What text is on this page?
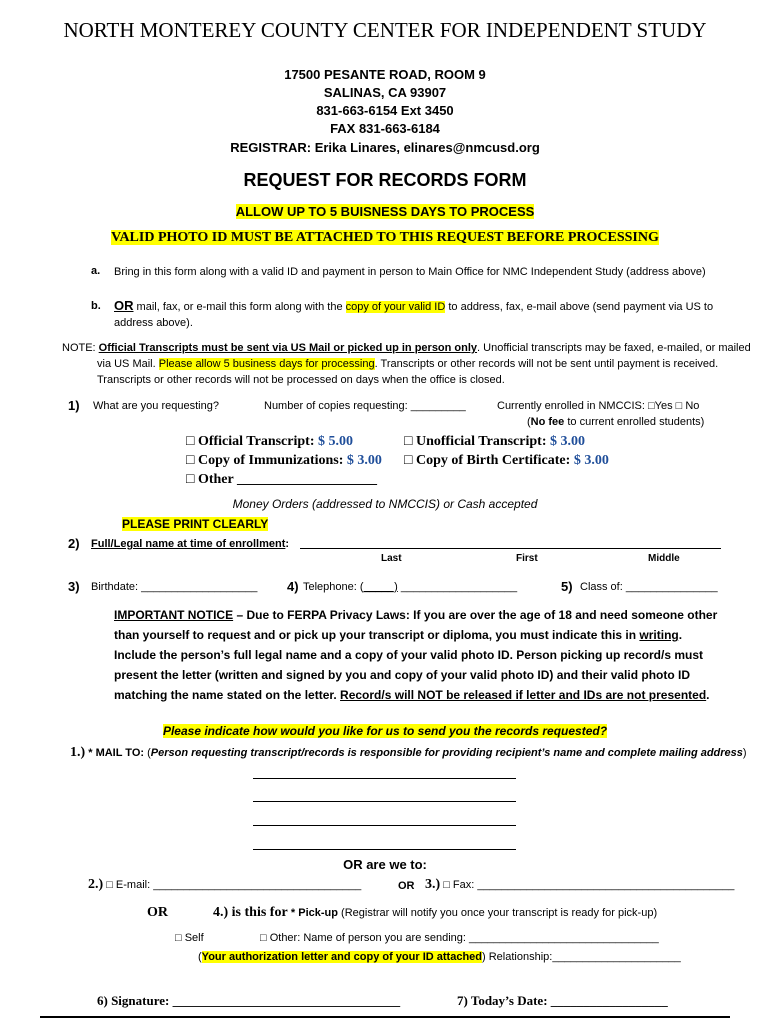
NORTH MONTEREY COUNTY CENTER FOR INDEPENDENT STUDY
17500 PESANTE ROAD, ROOM 9
SALINAS, CA 93907
831-663-6154 Ext 3450
FAX 831-663-6184
REGISTRAR: Erika Linares, elinares@nmcusd.org
REQUEST FOR RECORDS FORM
ALLOW UP TO 5 BUISNESS DAYS TO PROCESS
VALID PHOTO ID MUST BE ATTACHED TO THIS REQUEST BEFORE PROCESSING
a. Bring in this form along with a valid ID and payment in person to Main Office for NMC Independent Study (address above)

b. OR mail, fax, or e-mail this form along with the copy of your valid ID to address, fax, e-mail above (send payment via US to address above).

NOTE: Official Transcripts must be sent via US Mail or picked up in person only. Unofficial transcripts may be faxed, e-mailed, or mailed via US Mail. Please allow 5 business days for processing. Transcripts or other records will not be sent until payment is received. Transcripts or other records will not be processed on days when the office is closed.

1) What are you requesting?	Number of copies requesting: _________	Currently enrolled in NMCCIS: □Yes □ No
(No fee to current enrolled students)
□ Official Transcript: $ 5.00	□ Unofficial Transcript: $ 3.00
□ Copy of Immunizations: $ 3.00 □ Copy of Birth Certificate: $ 3.00
□ Other ____________________
Money Orders (addressed to NMCCIS) or Cash accepted
PLEASE PRINT CLEARLY
2) Full/Legal name at time of enrollment:
Last	First	Middle
3) Birthdate: ___________________ 4) Telephone: (_____) ___________________	5) Class of: _______________

IMPORTANT NOTICE – Due to FERPA Privacy Laws: If you are over the age of 18 and need someone other than yourself to request and or pick up your transcript or diploma, you must indicate this in writing. Include the person’s full legal name and a copy of your valid photo ID. Person picking up record/s must present the letter (written and signed by you and copy of your valid photo ID) and their valid photo ID matching the name stated on the letter. Record/s will NOT be released if letter and IDs are not presented.

Please indicate how would you like for us to send you the records requested?
1.) * MAIL TO: (Person requesting transcript/records is responsible for providing recipient’s name and complete mailing address)
OR are we to:
2.) □ E-mail: __________________________________	OR 3.) □ Fax: __________________________________________
OR	4.) is this for * Pick-up (Registrar will notify you once your transcript is ready for pick-up)
□ Self	□ Other: Name of person you are sending: _______________________________
(Your authorization letter and copy of your ID attached) Relationship:_____________________
6) Signature: ___________________________________	7) Today’s Date: __________________
